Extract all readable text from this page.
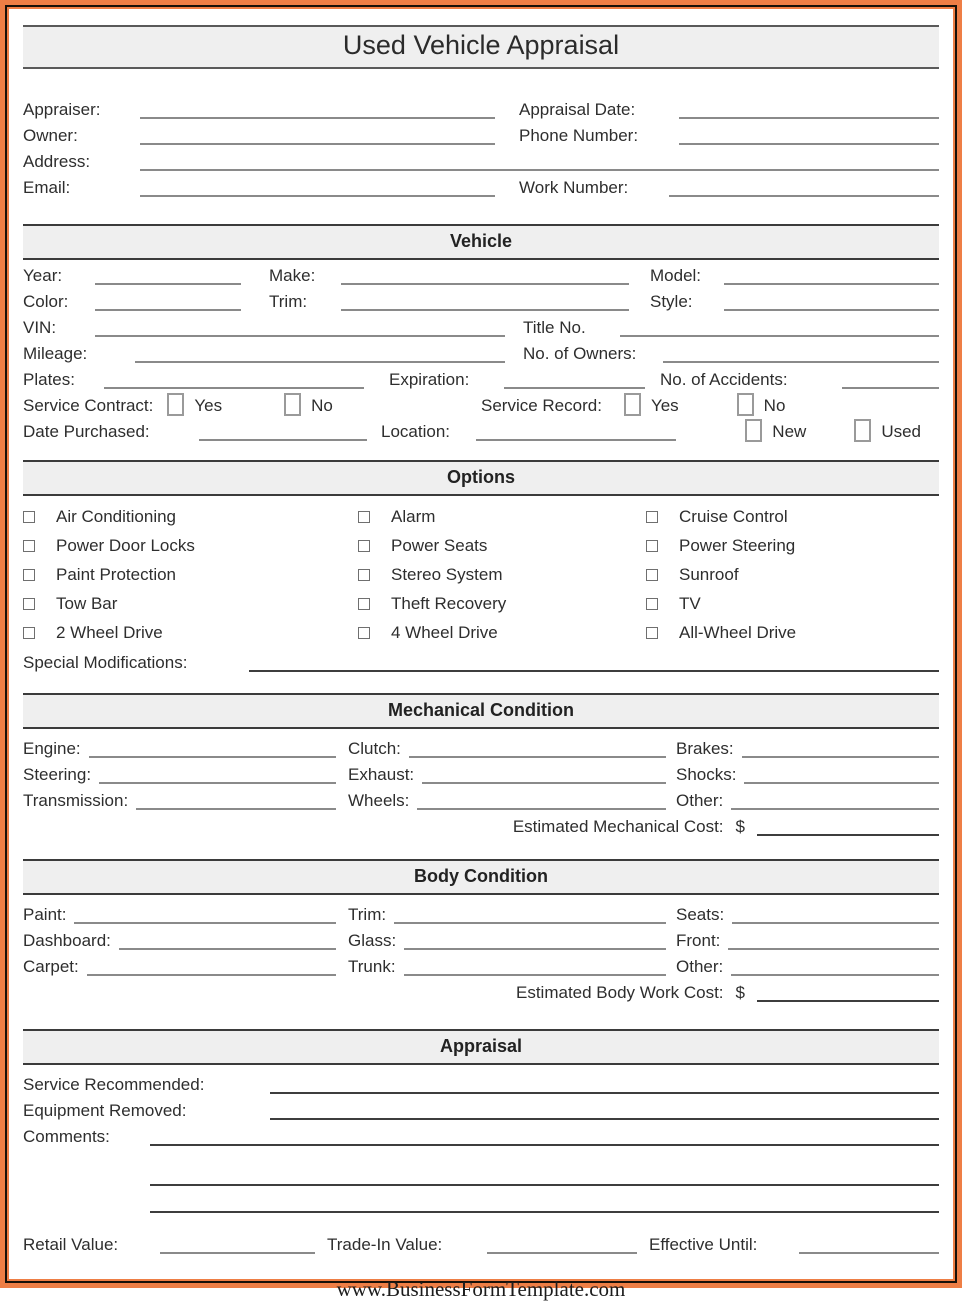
Used Vehicle Appraisal
Appraiser:	Appraisal Date:
Owner:	Phone Number:
Address:
Email:	Work Number:
Vehicle
Year:	Make:	Model:
Color:	Trim:	Style:
VIN:	Title No.
Mileage:	No. of Owners:
Plates:	Expiration:	No. of Accidents:
Service Contract: Yes	No	Service Record:	Yes	No
Date Purchased:	Location:	New	Used
Options
Air Conditioning	Alarm	Cruise Control
Power Door Locks	Power Seats	Power Steering
Paint Protection	Stereo System	Sunroof
Tow Bar	Theft Recovery	TV
2 Wheel Drive	4 Wheel Drive	All-Wheel Drive
Special Modifications:
Mechanical Condition
Engine:	Clutch:	Brakes:
Steering:	Exhaust:	Shocks:
Transmission:	Wheels:	Other:
Estimated Mechanical Cost: $
Body Condition
Paint:	Trim:	Seats:
Dashboard:	Glass:	Front:
Carpet:	Trunk:	Other:
Estimated Body Work Cost: $
Appraisal
Service Recommended:
Equipment Removed:
Comments:
Retail Value:	Trade-In Value:	Effective Until:
www.BusinessFormTemplate.com
